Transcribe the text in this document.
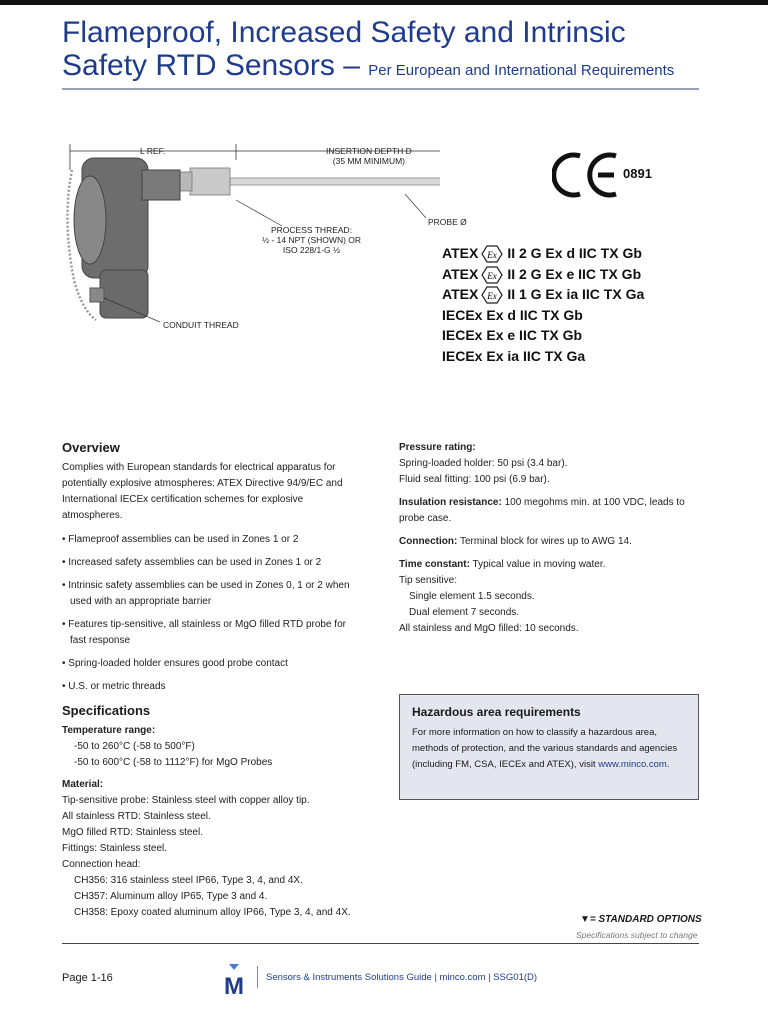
Flameproof, Increased Safety and Intrinsic
Safety RTD Sensors – Per European and International Requirements
L REF.	INSERTION DEPTH D
(35 MM MINIMUM)
PROCESS THREAD:
½ - 14 NPT (SHOWN) OR
ISO 228/1-G ½
PROBE Ø
CONDUIT THREAD
0891
ATEX Ex II 2 G Ex d IIC TX Gb
ATEX Ex II 2 G Ex e IIC TX Gb
ATEX Ex II 1 G Ex ia IIC TX Ga
IECEx Ex d IIC TX Gb
IECEx Ex e IIC TX Gb
IECEx Ex ia IIC TX Ga
Overview
Complies with European standards for electrical apparatus for potentially explosive atmospheres: ATEX Directive 94/9/EC and International IECEx certification schemes for explosive atmospheres.
• Flameproof assemblies can be used in Zones 1 or 2
• Increased safety assemblies can be used in Zones 1 or 2
• Intrinsic safety assemblies can be used in Zones 0, 1 or 2 when used with an appropriate barrier
• Features tip-sensitive, all stainless or MgO filled RTD probe for fast response
• Spring-loaded holder ensures good probe contact
• U.S. or metric threads
Specifications
Temperature range:
-50 to 260°C (-58 to 500°F)
-50 to 600°C (-58 to 1112°F) for MgO Probes
Material:
Tip-sensitive probe: Stainless steel with copper alloy tip.
All stainless RTD: Stainless steel.
MgO filled RTD: Stainless steel.
Fittings: Stainless steel.
Connection head:
CH356: 316 stainless steel IP66, Type 3, 4, and 4X.
CH357: Aluminum alloy IP65, Type 3 and 4.
CH358: Epoxy coated aluminum alloy IP66, Type 3, 4, and 4X.
Pressure rating:
Spring-loaded holder: 50 psi (3.4 bar).
Fluid seal fitting: 100 psi (6.9 bar).
Insulation resistance: 100 megohms min. at 100 VDC, leads to probe case.
Connection: Terminal block for wires up to AWG 14.
Time constant: Typical value in moving water.
Tip sensitive:
Single element 1.5 seconds.
Dual element 7 seconds.
All stainless and MgO filled: 10 seconds.
Hazardous area requirements
For more information on how to classify a hazardous area, methods of protection, and the various standards and agencies (including FM, CSA, IECEx and ATEX), visit www.minco.com.
▼= STANDARD OPTIONS
Specifications subject to change
Page 1-16	M Sensors & Instruments Solutions Guide | minco.com | SSG01(D)
